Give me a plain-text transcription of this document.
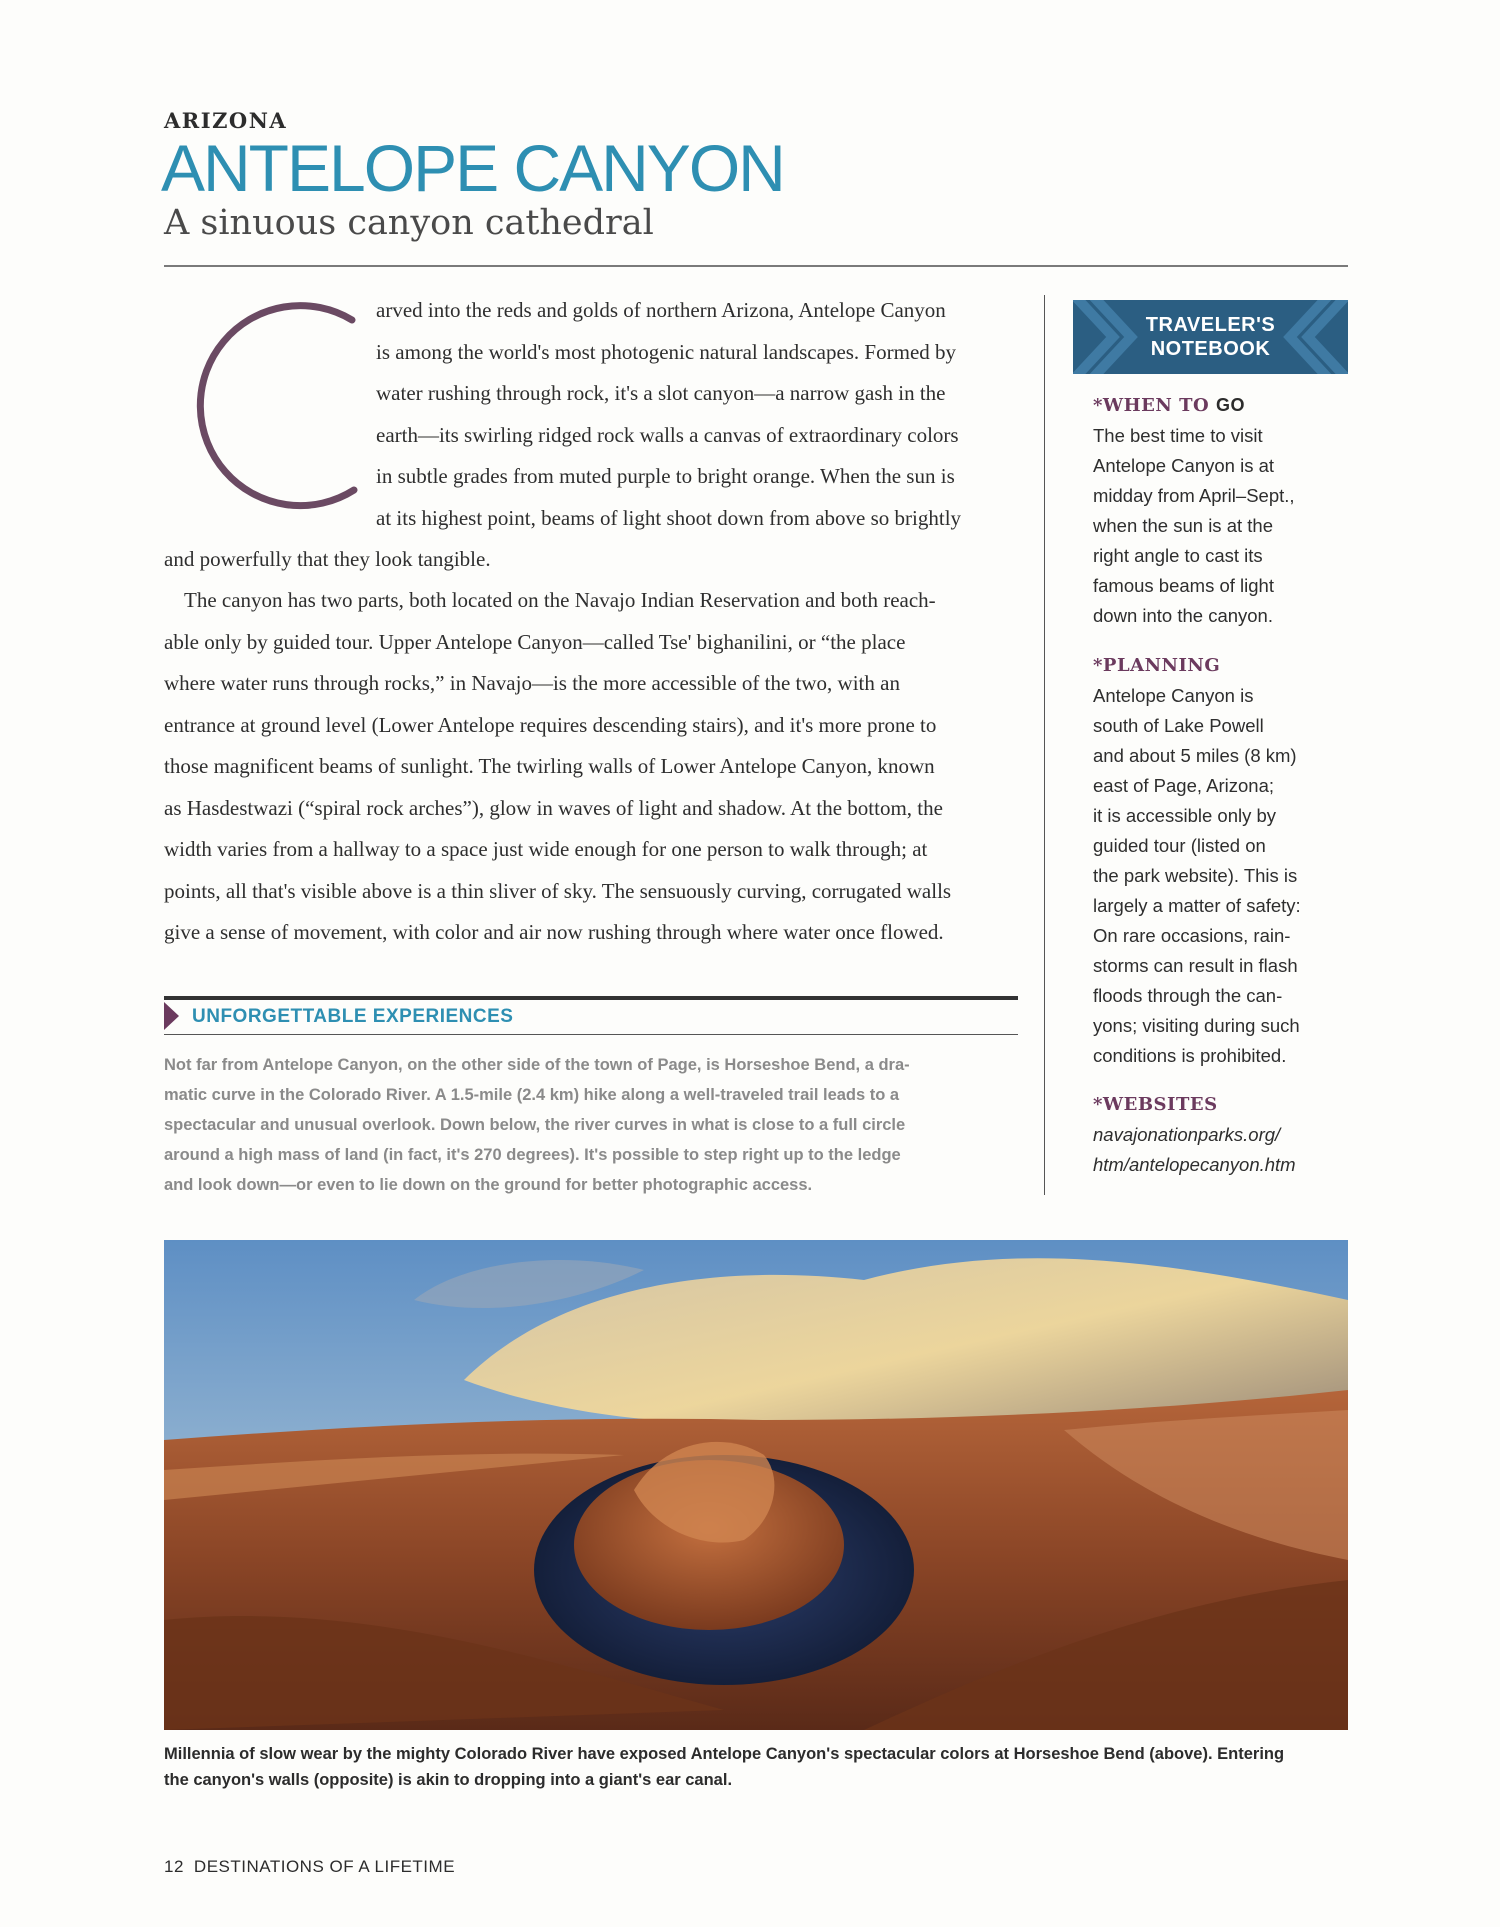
ARIZONA
ANTELOPE CANYON
A sinuous canyon cathedral

arved into the reds and golds of northern Arizona, Antelope Canyon

is among the world's most photogenic natural landscapes. Formed by

water rushing through rock, it's a slot canyon—a narrow gash in the

earth—its swirling ridged rock walls a canvas of extraordinary colors

in subtle grades from muted purple to bright orange. When the sun is

at its highest point, beams of light shoot down from above so brightly

and powerfully that they look tangible.
The canyon has two parts, both located on the Navajo Indian Reservation and both reach-
able only by guided tour. Upper Antelope Canyon—called Tse' bighanilini, or “the place
where water runs through rocks,” in Navajo—is the more accessible of the two, with an
entrance at ground level (Lower Antelope requires descending stairs), and it's more prone to
those magnificent beams of sunlight. The twirling walls of Lower Antelope Canyon, known
as Hasdestwazi (“spiral rock arches”), glow in waves of light and shadow. At the bottom, the
width varies from a hallway to a space just wide enough for one person to walk through; at
points, all that's visible above is a thin sliver of sky. The sensuously curving, corrugated walls
give a sense of movement, with color and air now rushing through where water once flowed.
UNFORGETTABLE EXPERIENCES
Not far from Antelope Canyon, on the other side of the town of Page, is Horseshoe Bend, a dra-
matic curve in the Colorado River. A 1.5-mile (2.4 km) hike along a well-traveled trail leads to a
spectacular and unusual overlook. Down below, the river curves in what is close to a full circle
around a high mass of land (in fact, it's 270 degrees). It's possible to step right up to the ledge
and look down—or even to lie down on the ground for better photographic access.
TRAVELER'S
NOTEBOOK
*WHEN TO GO
The best time to visit
Antelope Canyon is at
midday from April–Sept.,
when the sun is at the
right angle to cast its
famous beams of light
down into the canyon.
*PLANNING
Antelope Canyon is
south of Lake Powell
and about 5 miles (8 km)
east of Page, Arizona;
it is accessible only by
guided tour (listed on
the park website). This is
largely a matter of safety:
On rare occasions, rain-
storms can result in flash
floods through the can-
yons; visiting during such
conditions is prohibited.
*WEBSITES
navajonationparks.org/
htm/antelopecanyon.htm
Millennia of slow wear by the mighty Colorado River have exposed Antelope Canyon's spectacular colors at Horseshoe Bend (above). Entering
the canyon's walls (opposite) is akin to dropping into a giant's ear canal.
12 DESTINATIONS OF A LIFETIME
